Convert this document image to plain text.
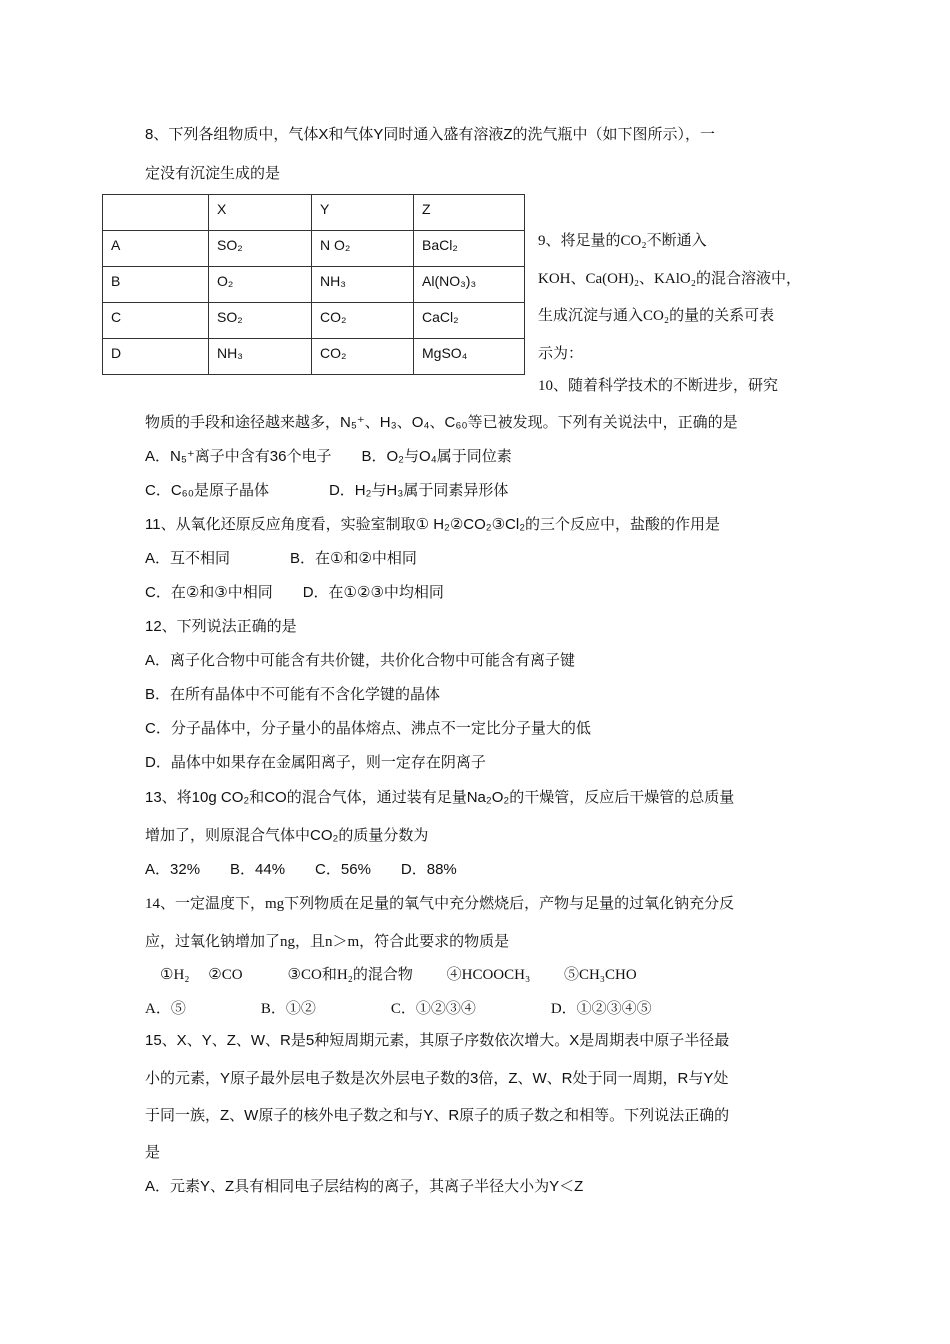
8、下列各组物质中，气体X和气体Y同时通入盛有溶液Z的洗气瓶中（如下图所示），一
定没有沉淀生成的是
	X	Y	Z
A	SO₂	N O₂	BaCl₂
B	O₂	NH₃	Al(NO₃)₃
C	SO₂	CO₂	CaCl₂
D	NH₃	CO₂	MgSO₄
9、将足量的CO₂不断通入
KOH、Ca(OH)₂、KAlO₂的混合溶液中，
生成沉淀与通入CO₂的量的关系可表
示为：
10、随着科学技术的不断进步，研究
物质的手段和途径越来越多，N₅⁺、H₃、O₄、C₆₀等已被发现。下列有关说法中，正确的是
A．N₅⁺离子中含有36个电子　　B．O₂与O₄属于同位素
C．C₆₀是原子晶体　　　　D．H₂与H₃属于同素异形体
11、从氧化还原反应角度看，实验室制取① H₂②CO₂③Cl₂的三个反应中，盐酸的作用是
A．互不相同　　　　B．在①和②中相同
C．在②和③中相同　　D．在①②③中均相同
12、下列说法正确的是
A．离子化合物中可能含有共价键，共价化合物中可能含有离子键
B．在所有晶体中不可能有不含化学键的晶体
C．分子晶体中，分子量小的晶体熔点、沸点不一定比分子量大的低
D．晶体中如果存在金属阳离子，则一定存在阴离子
13、将10g CO₂和CO的混合气体，通过装有足量Na₂O₂的干燥管，反应后干燥管的总质量
增加了，则原混合气体中CO₂的质量分数为
A．32%　　B．44%　　C．56%　　D．88%
14、一定温度下，mg下列物质在足量的氧气中充分燃烧后，产物与足量的过氧化钠充分反
应，过氧化钠增加了ng，且n＞m，符合此要求的物质是
①H₂　 ②CO　　　③CO和H₂的混合物　　 ④HCOOCH₃　　 ⑤CH₃CHO
A．⑤　　　　　B．①②　　　　　C．①②③④　　　　　D．①②③④⑤
15、X、Y、Z、W、R是5种短周期元素，其原子序数依次增大。X是周期表中原子半径最
小的元素，Y原子最外层电子数是次外层电子数的3倍，Z、W、R处于同一周期，R与Y处
于同一族，Z、W原子的核外电子数之和与Y、R原子的质子数之和相等。下列说法正确的
是
A．元素Y、Z具有相同电子层结构的离子，其离子半径大小为Y＜Z
